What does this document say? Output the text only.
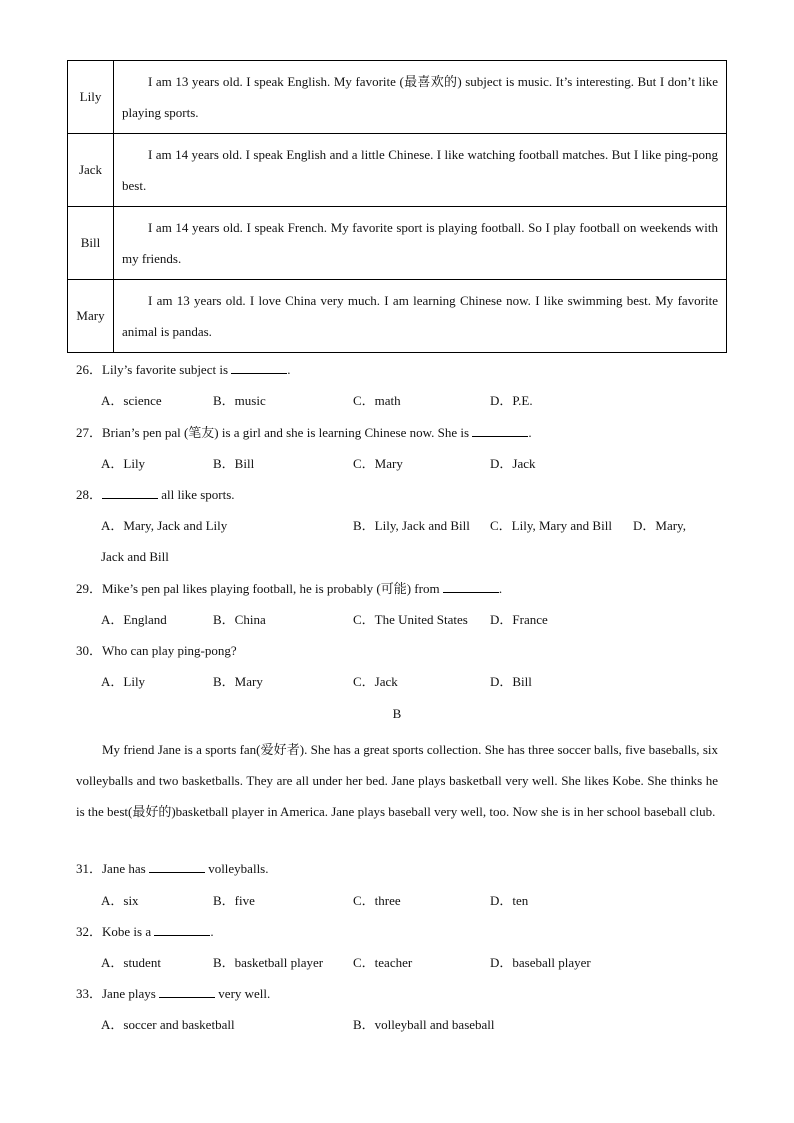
Lily	I am 13 years old. I speak English. My favorite (最喜欢的) subject is music. It’s interesting. But I don’t like playing sports.
Jack	I am 14 years old. I speak English and a little Chinese. I like watching football matches. But I like ping-pong best.
Bill	I am 14 years old. I speak French. My favorite sport is playing football. So I play football on weekends with my friends.
Mary	I am 13 years old. I love China very much. I am learning Chinese now. I like swimming best. My favorite animal is pandas.
26．Lily’s favorite subject is	.
A．science	B．music	C．math	D．P.E.
27．Brian’s pen pal (笔友) is a girl and she is learning Chinese now. She is	.
A．Lily	B．Bill	C．Mary	D．Jack
28．	all like sports.
A．Mary, Jack and Lily	B．Lily, Jack and Bill C．Lily, Mary and Bill D．Mary,
Jack and Bill
29．Mike’s pen pal likes playing football, he is probably (可能) from	.
A．England	B．China	C．The United States D．France
30．Who can play ping-pong?
A．Lily	B．Mary	C．Jack	D．Bill
B
My friend Jane is a sports fan(爱好者). She has a great sports collection. She has three soccer balls, five baseballs, six volleyballs and two basketballs. They are all under her bed. Jane plays basketball very well. She likes Kobe. She thinks he is the best(最好的)basketball player in America. Jane plays baseball very well, too. Now she is in her school baseball club.
31．Jane has	volleyballs.
A．six	B．five	C．three	D．ten
32．Kobe is a	.
A．student	B．basketball player C．teacher	D．baseball player
33．Jane plays	very well.
A．soccer and basketball	B．volleyball and baseball
